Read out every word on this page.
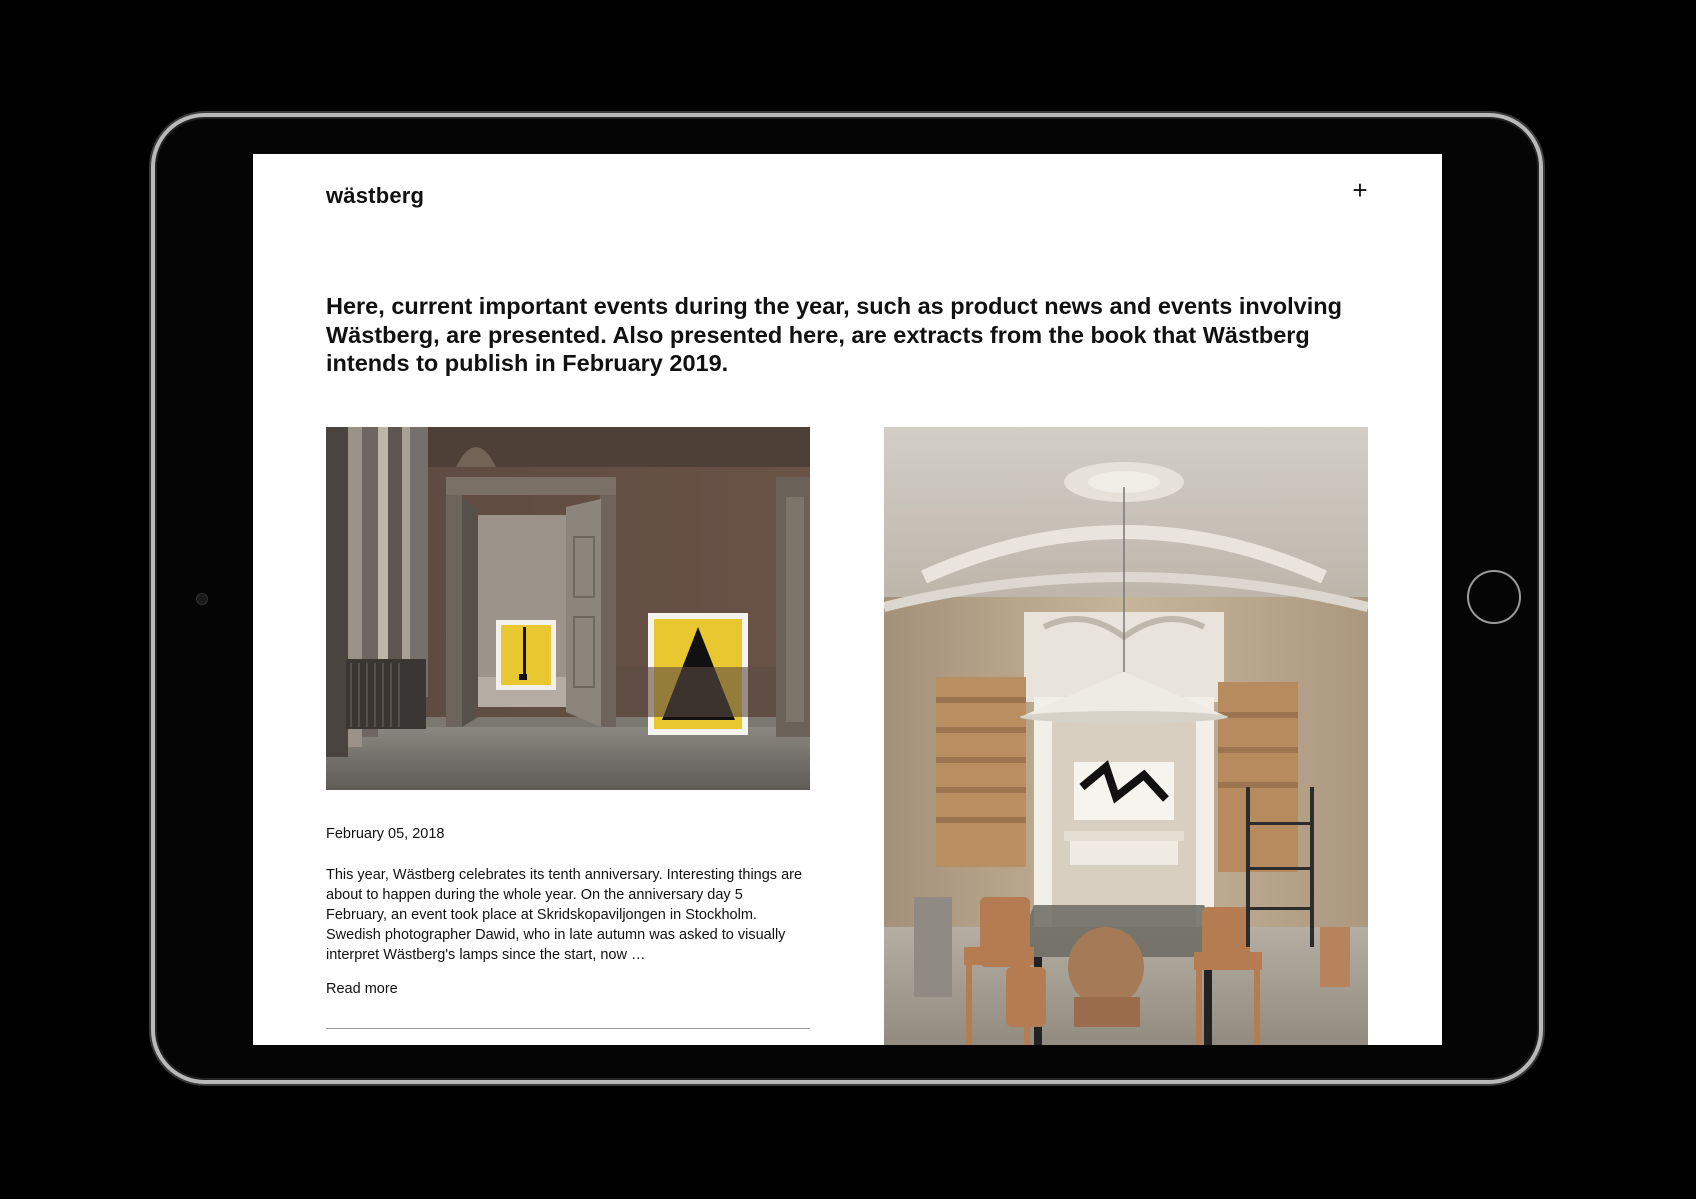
wästberg	+

Here, current important events during the year, such as product news and events involving Wästberg, are presented. Also presented here, are extracts from the book that Wästberg intends to publish in February 2019.

February 05, 2018

This year, Wästberg celebrates its tenth anniversary. Interesting things are about to happen during the whole year. On the anniversary day 5 February, an event took place at Skridskopaviljongen in Stockholm. Swedish photographer Dawid, who in late autumn was asked to visually interpret Wästberg's lamps since the start, now …

Read more
